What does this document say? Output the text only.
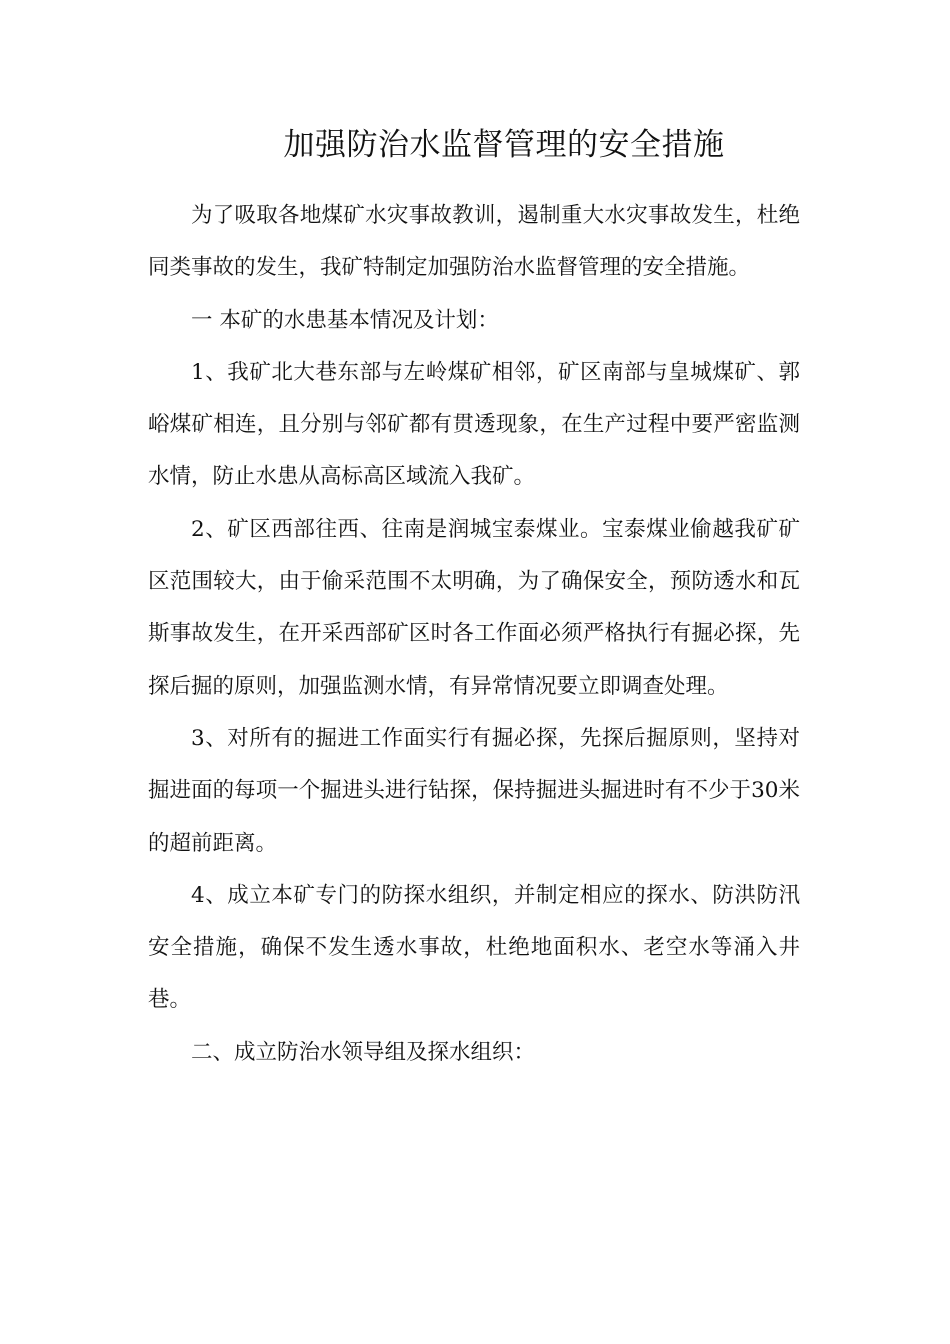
加强防治水监督管理的安全措施

为了吸取各地煤矿水灾事故教训，遏制重大水灾事故发生，杜绝同类事故的发生，我矿特制定加强防治水监督管理的安全措施。

一 本矿的水患基本情况及计划：

1、我矿北大巷东部与左岭煤矿相邻，矿区南部与皇城煤矿、郭峪煤矿相连，且分别与邻矿都有贯透现象，在生产过程中要严密监测水情，防止水患从高标高区域流入我矿。

2、矿区西部往西、往南是润城宝泰煤业。宝泰煤业偷越我矿矿区范围较大，由于偷采范围不太明确，为了确保安全，预防透水和瓦斯事故发生，在开采西部矿区时各工作面必须严格执行有掘必探，先探后掘的原则，加强监测水情，有异常情况要立即调查处理。

3、对所有的掘进工作面实行有掘必探，先探后掘原则，坚持对掘进面的每项一个掘进头进行钻探，保持掘进头掘进时有不少于30米的超前距离。

4、成立本矿专门的防探水组织，并制定相应的探水、防洪防汛安全措施，确保不发生透水事故，杜绝地面积水、老空水等涌入井巷。

二、成立防治水领导组及探水组织：
